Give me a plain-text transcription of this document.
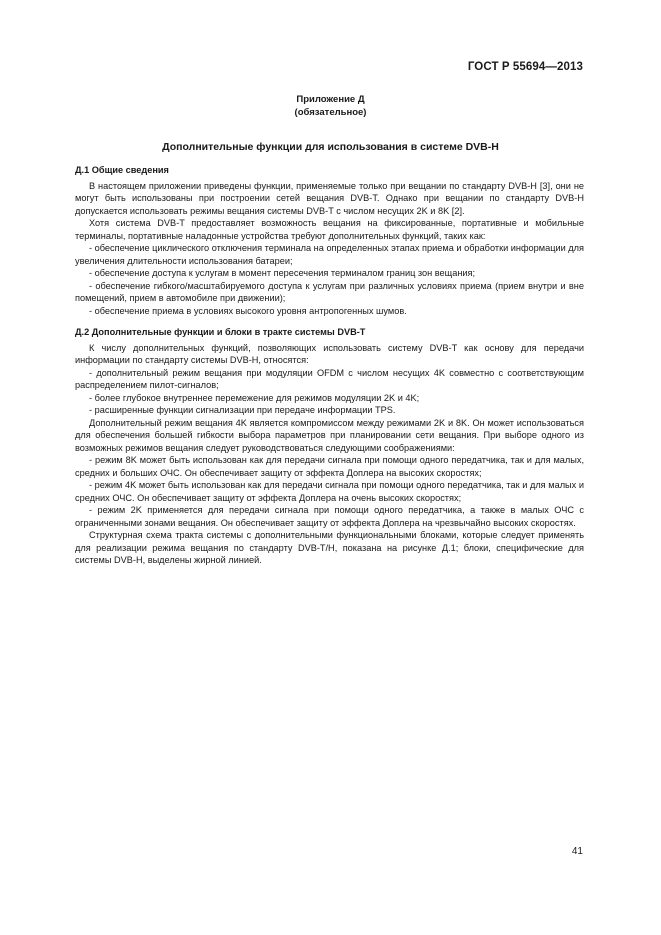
ГОСТ Р 55694—2013
Приложение Д
(обязательное)
Дополнительные функции для использования в системе DVB-H
Д.1 Общие сведения

В настоящем приложении приведены функции, применяемые только при вещании по стандарту DVB-H [3], они не могут быть использованы при построении сетей вещания DVB-T. Однако при вещании по стандарту DVB-H допускается использовать режимы вещания системы DVB-T с числом несущих 2K и 8K [2].

Хотя система DVB-T предоставляет возможность вещания на фиксированные, портативные и мобильные терминалы, портативные наладонные устройства требуют дополнительных функций, таких как:

- обеспечение циклического отключения терминала на определенных этапах приема и обработки информации для увеличения длительности использования батареи;

- обеспечение доступа к услугам в момент пересечения терминалом границ зон вещания;

- обеспечение гибкого/масштабируемого доступа к услугам при различных условиях приема (прием внутри и вне помещений, прием в автомобиле при движении);

- обеспечение приема в условиях высокого уровня антропогенных шумов.

Д.2 Дополнительные функции и блоки в тракте системы DVB-T

К числу дополнительных функций, позволяющих использовать систему DVB-T как основу для передачи информации по стандарту системы DVB-H, относятся:

- дополнительный режим вещания при модуляции OFDM с числом несущих 4K совместно с соответствующим распределением пилот-сигналов;

- более глубокое внутреннее перемежение для режимов модуляции 2K и 4K;

- расширенные функции сигнализации при передаче информации TPS.

Дополнительный режим вещания 4K является компромиссом между режимами 2K и 8K. Он может использоваться для обеспечения большей гибкости выбора параметров при планировании сети вещания. При выборе одного из возможных режимов вещания следует руководствоваться следующими соображениями:

- режим 8K может быть использован как для передачи сигнала при помощи одного передатчика, так и для малых, средних и больших ОЧС. Он обеспечивает защиту от эффекта Доплера на высоких скоростях;

- режим 4K может быть использован как для передачи сигнала при помощи одного передатчика, так и для малых и средних ОЧС. Он обеспечивает защиту от эффекта Доплера на очень высоких скоростях;

- режим 2K применяется для передачи сигнала при помощи одного передатчика, а также в малых ОЧС с ограниченными зонами вещания. Он обеспечивает защиту от эффекта Доплера на чрезвычайно высоких скоростях.

Структурная схема тракта системы с дополнительными функциональными блоками, которые следует применять для реализации режима вещания по стандарту DVB-T/H, показана на рисунке Д.1; блоки, специфические для системы DVB-H, выделены жирной линией.

41
